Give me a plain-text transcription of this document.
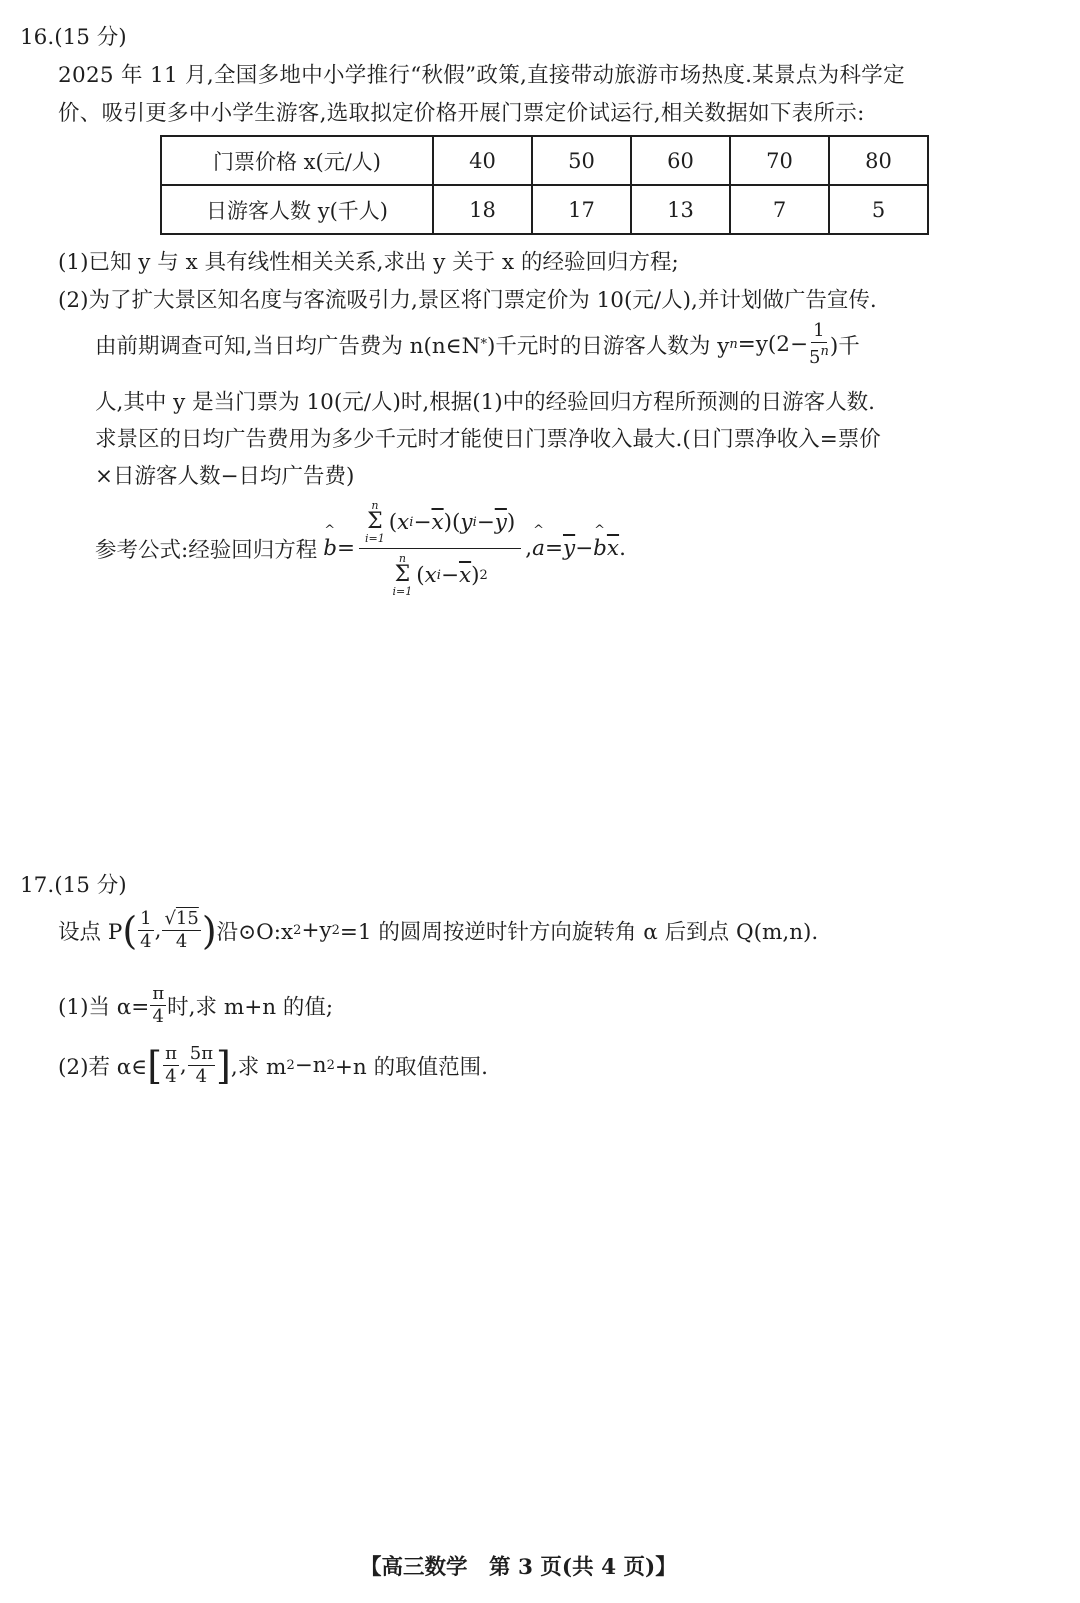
16.(15 分)
2025 年 11 月,全国多地中小学推行“秋假”政策,直接带动旅游市场热度.某景点为科学定
价、吸引更多中小学生游客,选取拟定价格开展门票定价试运行,相关数据如下表所示:
门票价格 x(元/人)	40	50	60	70	80
日游客人数 y(千人)	18	17	13	7	5
(1)已知 y 与 x 具有线性相关关系,求出 y 关于 x 的经验回归方程;
(2)为了扩大景区知名度与客流吸引力,景区将门票定价为 10(元/人),并计划做广告宣传.
由前期调查可知,当日均广告费为 n(n∈N * )千元时的日游客人数为 y $n =y(2- \frac{1}{5^n}$ )千
人,其中 y 是当门票为 10(元/人)时,根据(1)中的经验回归方程所预测的日游客人数.
求景区的日均广告费用为多少千元时才能使日门票净收入最大.(日门票净收入=票价
×日游客人数−日均广告费)
参考公式:经验回归方程 ^ b =
n
Σ
i=1
( x $i - \overline{x}$ )( y $i - \overline{y}$ )
n
Σ
i=1
( x $i - \overline{x}$ ) 2
, ^ $a = \overline{y}$ − ^ b $\overline{x}$ .
17.(15 分)
设点 P ( $\frac{1}{4}$ , $\frac{√15}{4}$ ) 沿⊙O:x 2 +y 2 =1 的圆周按逆时针方向旋转角 α 后到点 Q(m,n).
(1)当 $\alpha= \frac{\pi}{4}$ 时,求 m+n 的值;
(2)若 α∈ [ $\frac{\pi}{4}$ , $\frac{5\pi}{4}$ ] ,求 m 2 −n 2 +n 的取值范围.
【高三数学　第 3 页(共 4 页)】
